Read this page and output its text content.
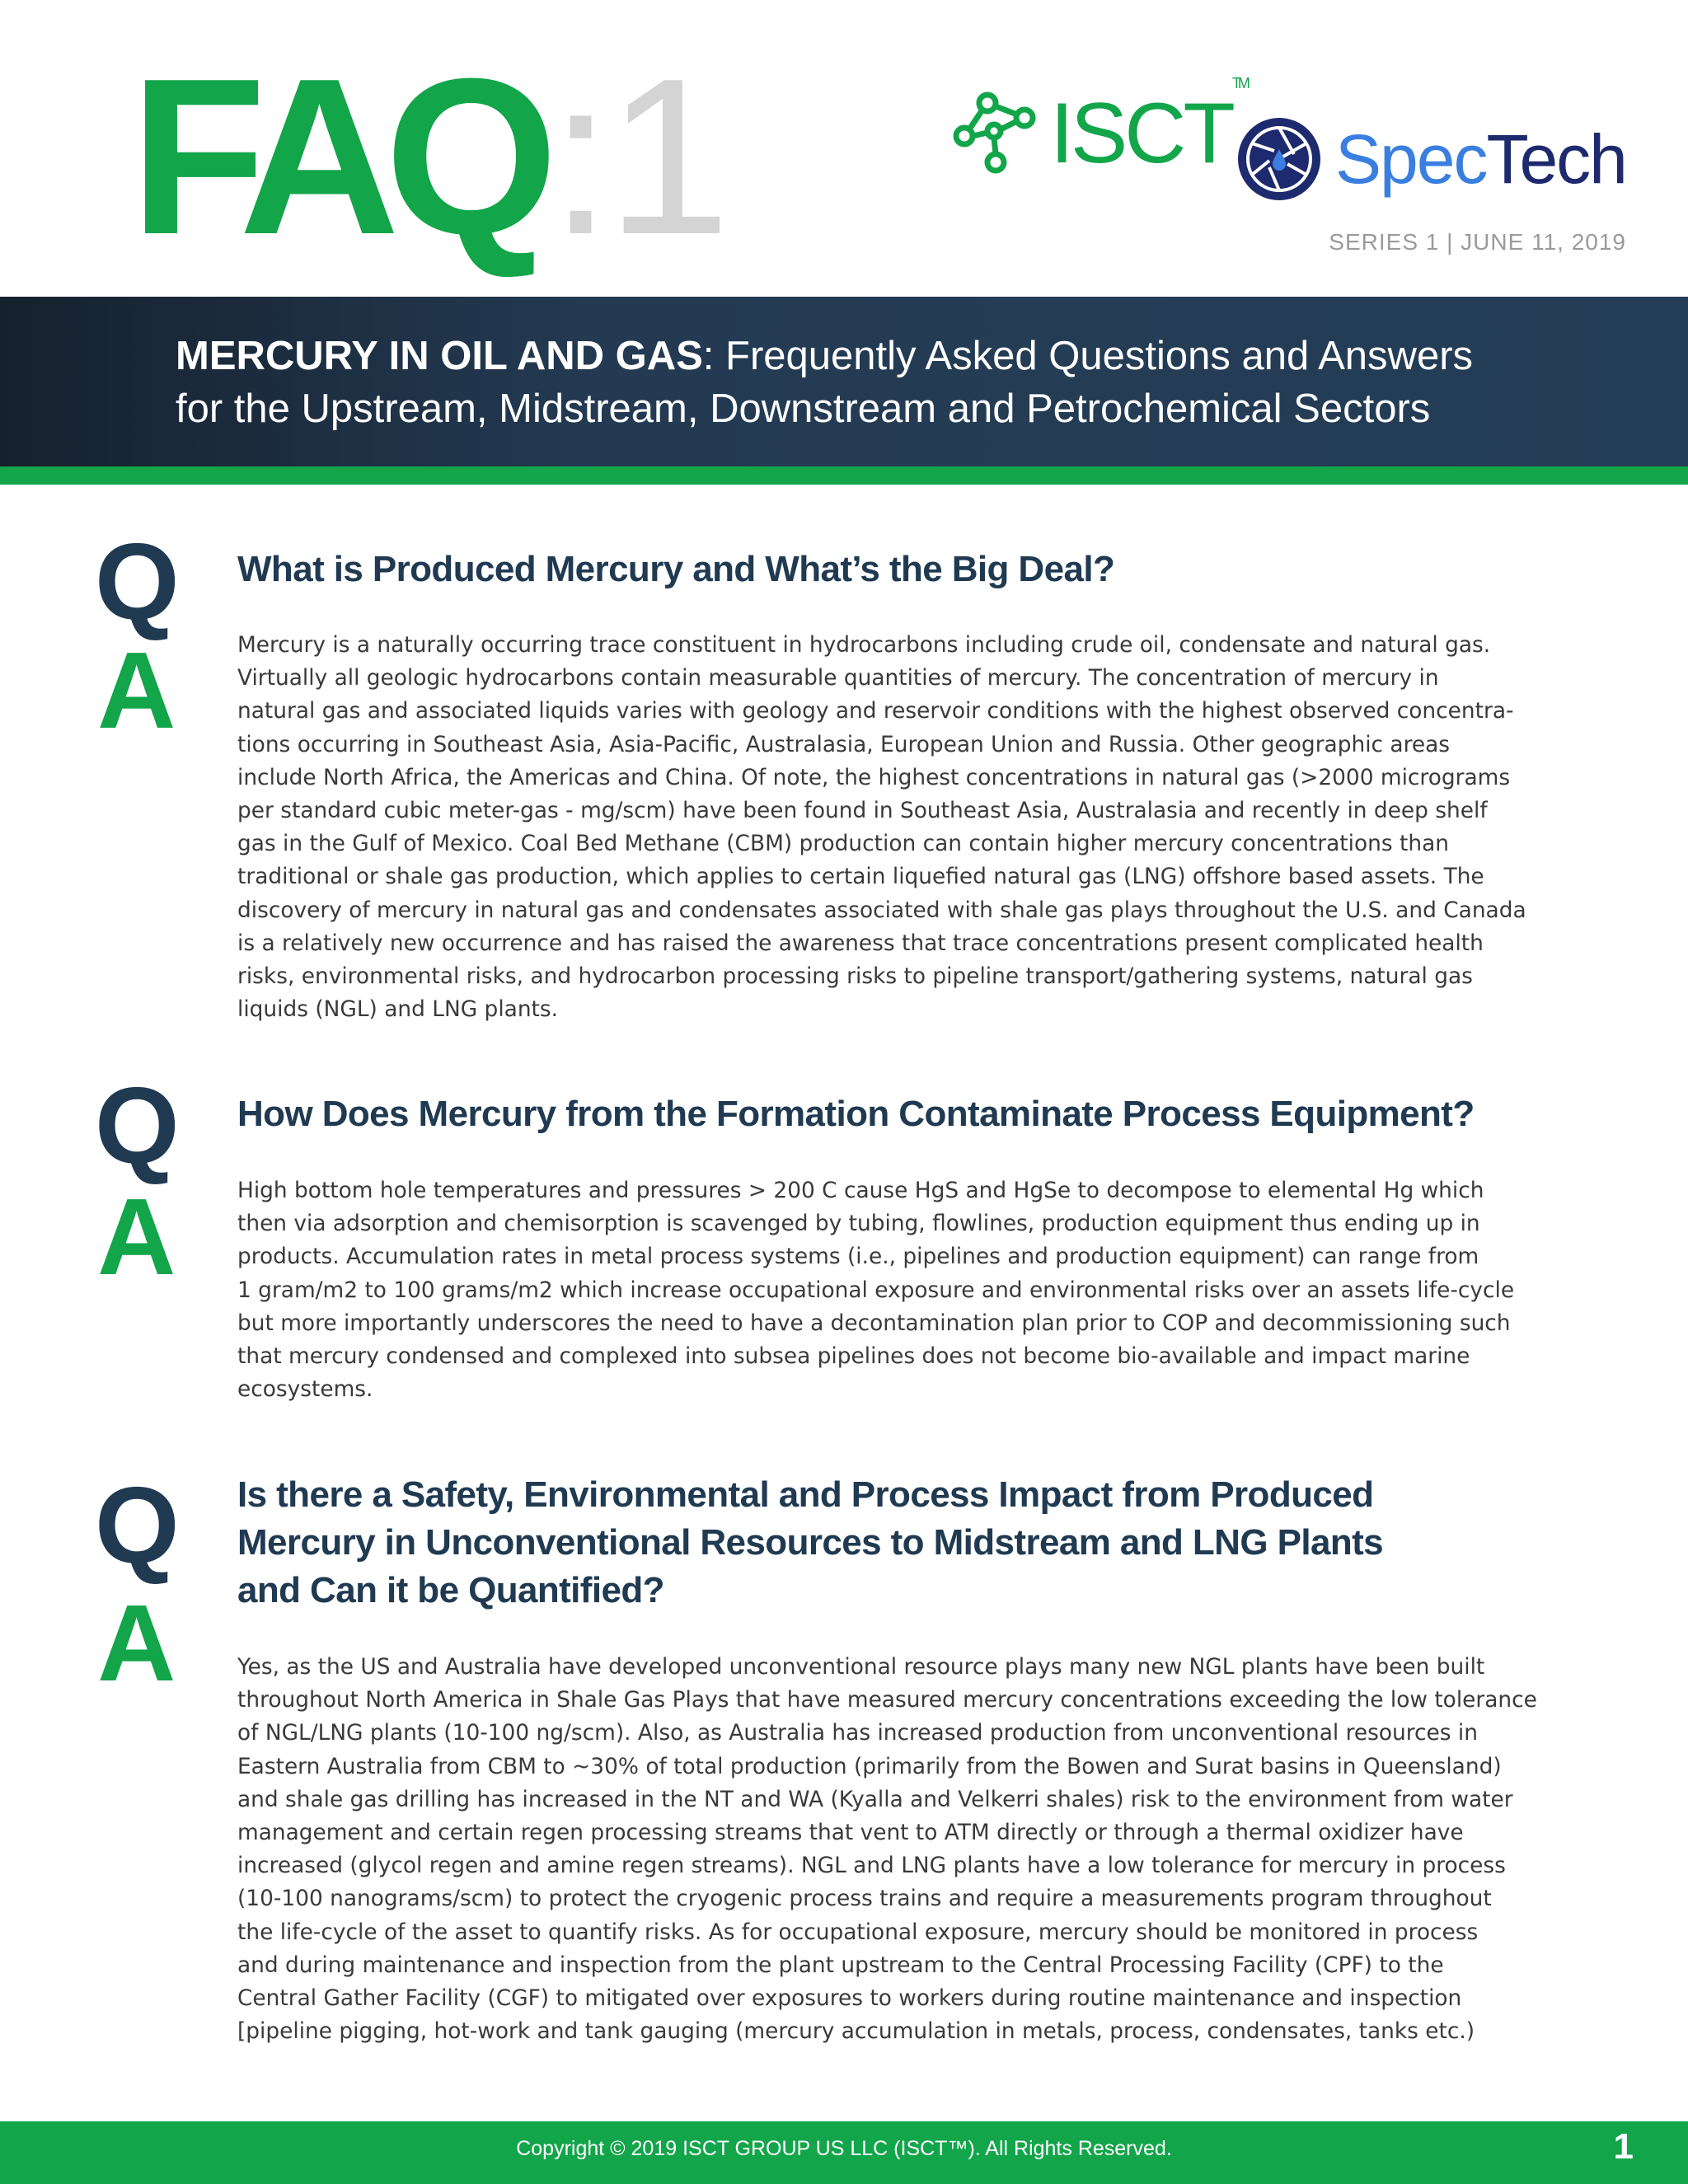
FAQ:1	ISCT™
SpecTech
SERIES 1 | JUNE 11, 2019
MERCURY IN OIL AND GAS: Frequently Asked Questions and Answers
for the Upstream, Midstream, Downstream and Petrochemical Sectors
Q
A
What is Produced Mercury and What’s the Big Deal?
Mercury is a naturally occurring trace constituent in hydrocarbons including crude oil, condensate and natural gas.
Virtually all geologic hydrocarbons contain measurable quantities of mercury. The concentration of mercury in
natural gas and associated liquids varies with geology and reservoir conditions with the highest observed concentra-
tions occurring in Southeast Asia, Asia-Pacific, Australasia, European Union and Russia. Other geographic areas
include North Africa, the Americas and China. Of note, the highest concentrations in natural gas (>2000 micrograms
per standard cubic meter-gas - mg/scm) have been found in Southeast Asia, Australasia and recently in deep shelf
gas in the Gulf of Mexico. Coal Bed Methane (CBM) production can contain higher mercury concentrations than
traditional or shale gas production, which applies to certain liquefied natural gas (LNG) offshore based assets. The
discovery of mercury in natural gas and condensates associated with shale gas plays throughout the U.S. and Canada
is a relatively new occurrence and has raised the awareness that trace concentrations present complicated health
risks, environmental risks, and hydrocarbon processing risks to pipeline transport/gathering systems, natural gas
liquids (NGL) and LNG plants.
Q
A
How Does Mercury from the Formation Contaminate Process Equipment?
High bottom hole temperatures and pressures > 200 C cause HgS and HgSe to decompose to elemental Hg which
then via adsorption and chemisorption is scavenged by tubing, flowlines, production equipment thus ending up in
products. Accumulation rates in metal process systems (i.e., pipelines and production equipment) can range from
1 gram/m2 to 100 grams/m2 which increase occupational exposure and environmental risks over an assets life-cycle
but more importantly underscores the need to have a decontamination plan prior to COP and decommissioning such
that mercury condensed and complexed into subsea pipelines does not become bio-available and impact marine
ecosystems.
Q
A
Is there a Safety, Environmental and Process Impact from Produced
Mercury in Unconventional Resources to Midstream and LNG Plants
and Can it be Quantified?
Yes, as the US and Australia have developed unconventional resource plays many new NGL plants have been built
throughout North America in Shale Gas Plays that have measured mercury concentrations exceeding the low tolerance
of NGL/LNG plants (10-100 ng/scm). Also, as Australia has increased production from unconventional resources in
Eastern Australia from CBM to ~30% of total production (primarily from the Bowen and Surat basins in Queensland)
and shale gas drilling has increased in the NT and WA (Kyalla and Velkerri shales) risk to the environment from water
management and certain regen processing streams that vent to ATM directly or through a thermal oxidizer have
increased (glycol regen and amine regen streams). NGL and LNG plants have a low tolerance for mercury in process
(10-100 nanograms/scm) to protect the cryogenic process trains and require a measurements program throughout
the life-cycle of the asset to quantify risks. As for occupational exposure, mercury should be monitored in process
and during maintenance and inspection from the plant upstream to the Central Processing Facility (CPF) to the
Central Gather Facility (CGF) to mitigated over exposures to workers during routine maintenance and inspection
[pipeline pigging, hot-work and tank gauging (mercury accumulation in metals, process, condensates, tanks etc.)
Copyright © 2019 ISCT GROUP US LLC (ISCT™). All Rights Reserved.	1
